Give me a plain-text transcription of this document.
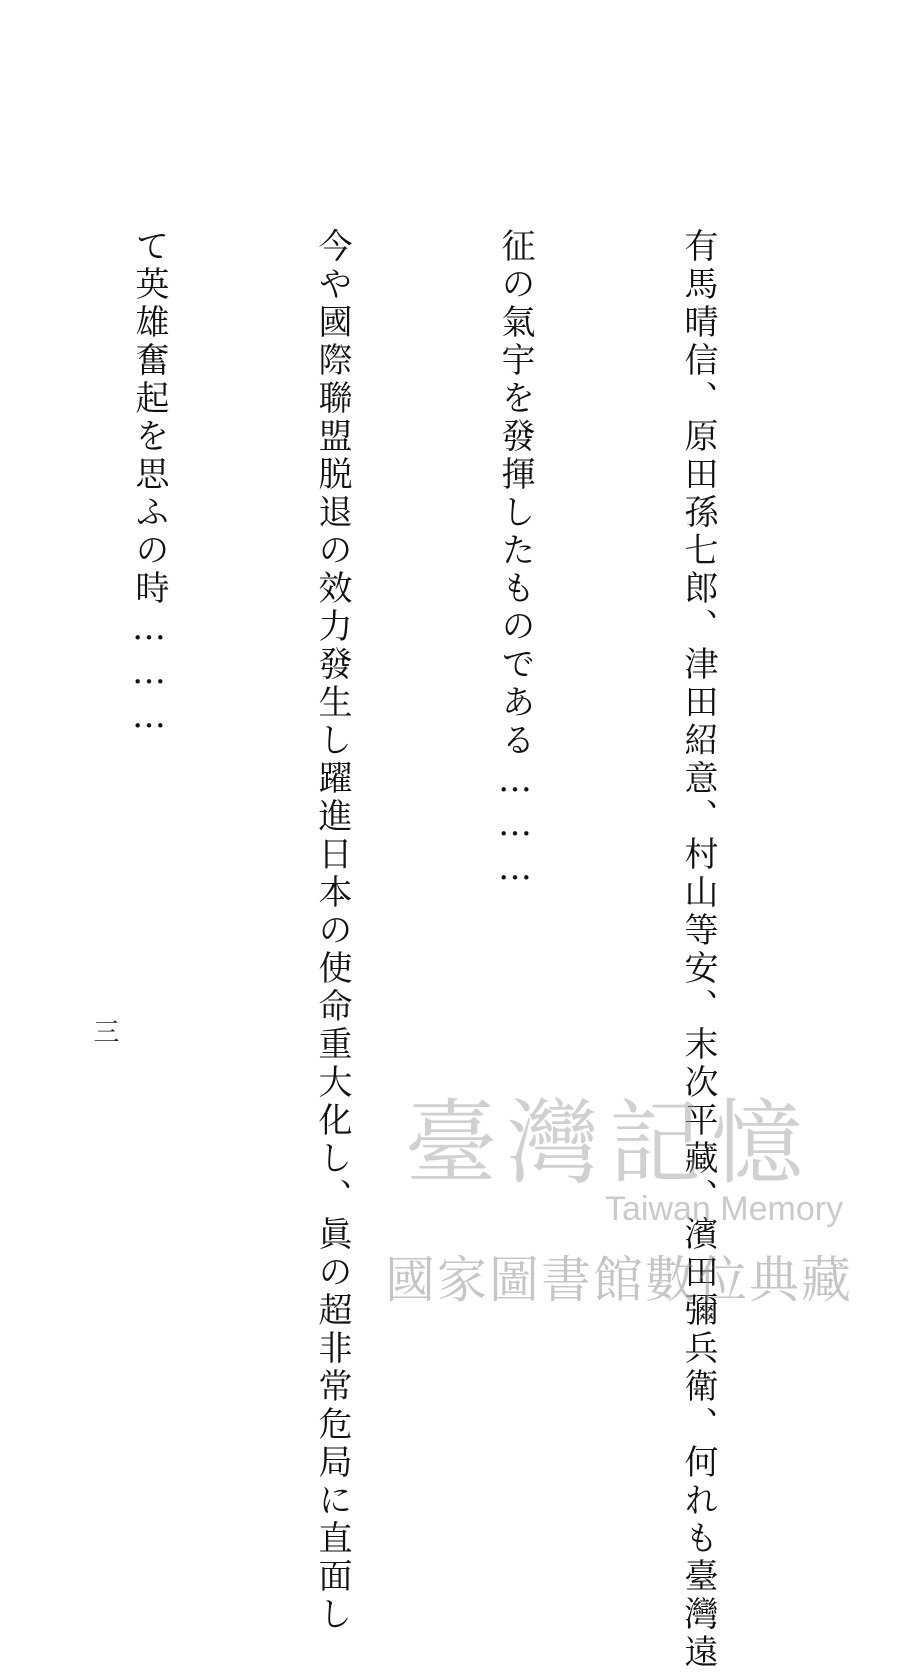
有馬晴信、原田孫七郎、津田紹意、村山等安、末次平藏、濱田彌兵衛、何れも臺灣遠

征の氣宇を發揮したものである………

今や國際聯盟脱退の效力發生し躍進日本の使命重大化し、眞の超非常危局に直面し

て英雄奮起を思ふの時………

三
臺灣記憶
Taiwan Memory
國家圖書館數位典藏
